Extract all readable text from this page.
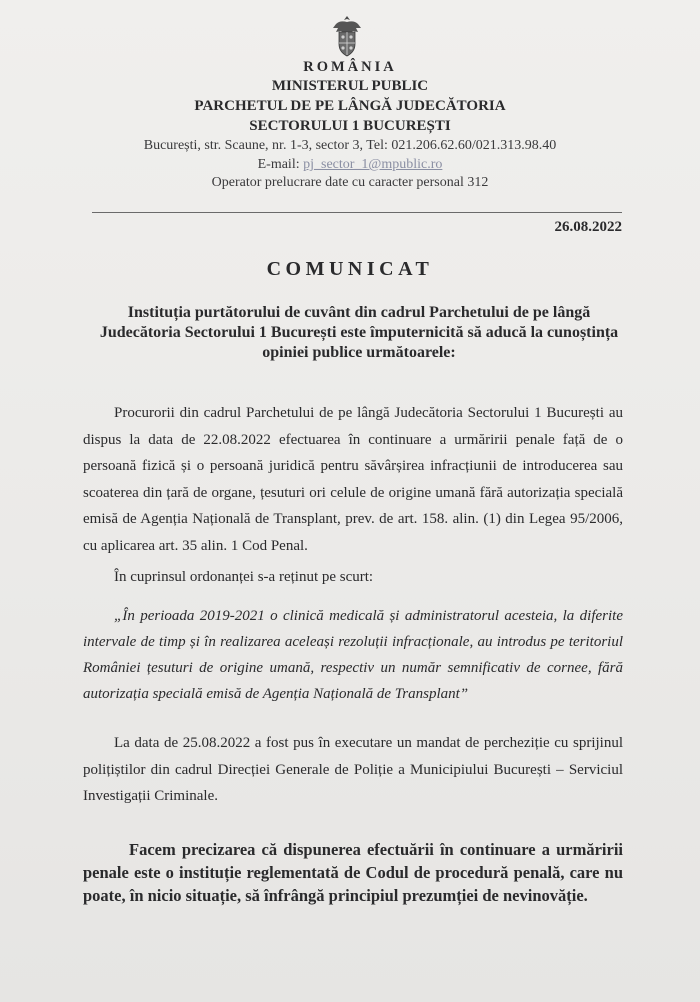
ROMÂNIA
MINISTERUL PUBLIC
PARCHETUL DE PE LÂNGĂ JUDECĂTORIA
SECTORULUI 1 BUCUREȘTI
București, str. Scaune, nr. 1-3, sector 3, Tel: 021.206.62.60/021.313.98.40
E-mail: pj_sector_1@mpublic.ro
Operator prelucrare date cu caracter personal 312
26.08.2022
COMUNICAT
Instituția purtătorului de cuvânt din cadrul Parchetului de pe lângă Judecătoria Sectorului 1 București este împuternicită să aducă la cunoștința opiniei publice următoarele:
Procurorii din cadrul Parchetului de pe lângă Judecătoria Sectorului 1 București au dispus la data de 22.08.2022 efectuarea în continuare a urmăririi penale față de o persoană fizică și o persoană juridică pentru săvârșirea infracțiunii de introducerea sau scoaterea din țară de organe, țesuturi ori celule de origine umană fără autorizația specială emisă de Agenția Națională de Transplant, prev. de art. 158. alin. (1) din Legea 95/2006, cu aplicarea art. 35 alin. 1 Cod Penal.
În cuprinsul ordonanței s-a reținut pe scurt:
„În perioada 2019-2021 o clinică medicală și administratorul acesteia, la diferite intervale de timp și în realizarea aceleași rezoluții infracționale, au introdus pe teritoriul României țesuturi de origine umană, respectiv un număr semnificativ de cornee, fără autorizația specială emisă de Agenția Națională de Transplant”
La data de 25.08.2022 a fost pus în executare un mandat de percheziție cu sprijinul polițiștilor din cadrul Direcției Generale de Poliție a Municipiului București – Serviciul Investigații Criminale.
Facem precizarea că dispunerea efectuării în continuare a urmăririi penale este o instituție reglementată de Codul de procedură penală, care nu poate, în nicio situație, să înfrângă principiul prezumției de nevinovăție.
